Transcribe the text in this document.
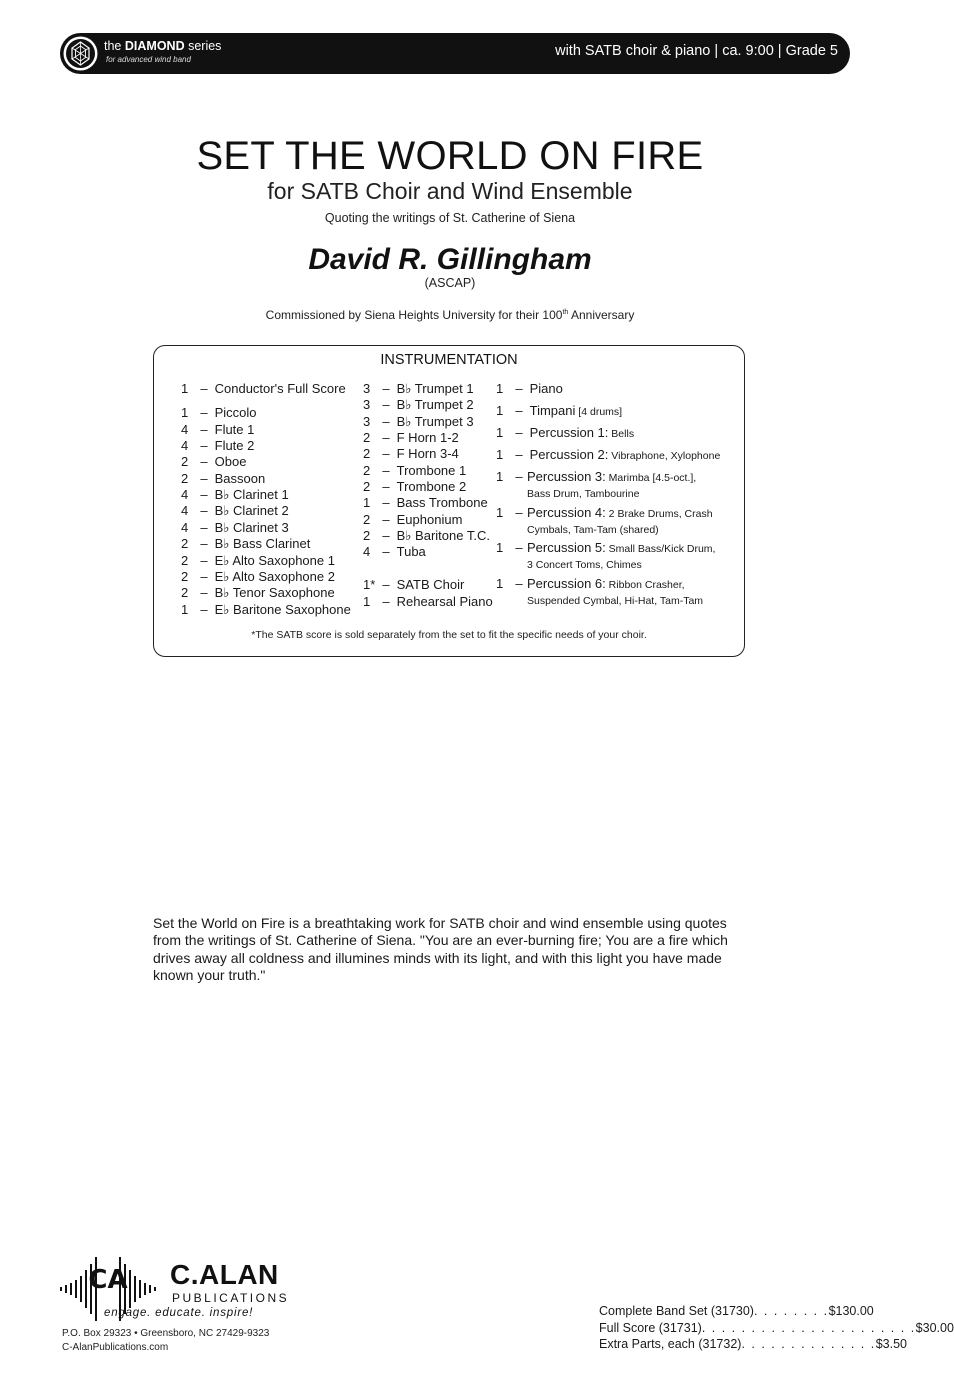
the DIAMOND series
for advanced wind band
with SATB choir & piano | ca. 9:00 | Grade 5
SET THE WORLD ON FIRE
for SATB Choir and Wind Ensemble
Quoting the writings of St. Catherine of Siena
David R. Gillingham
(ASCAP)
Commissioned by Siena Heights University for their 100th Anniversary
INSTRUMENTATION
1 – Conductor's Full Score
1 – Piccolo
4 – Flute 1
4 – Flute 2
2 – Oboe
2 – Bassoon
4 – B♭ Clarinet 1
4 – B♭ Clarinet 2
4 – B♭ Clarinet 3
2 – B♭ Bass Clarinet
2 – E♭ Alto Saxophone 1
2 – E♭ Alto Saxophone 2
2 – B♭ Tenor Saxophone
1 – E♭ Baritone Saxophone
3 – B♭ Trumpet 1
3 – B♭ Trumpet 2
3 – B♭ Trumpet 3
2 – F Horn 1-2
2 – F Horn 3-4
2 – Trombone 1
2 – Trombone 2
1 – Bass Trombone
2 – Euphonium
2 – B♭ Baritone T.C.
4 – Tuba
1* – SATB Choir
1 – Rehearsal Piano
1 – Piano
1 – Timpani [4 drums]
1 – Percussion 1: Bells
1 – Percussion 2: Vibraphone, Xylophone
1 – Percussion 3: Marimba [4.5-oct.],
Bass Drum, Tambourine
1 – Percussion 4: 2 Brake Drums, Crash
Cymbals, Tam-Tam (shared)
1 – Percussion 5: Small Bass/Kick Drum,
3 Concert Toms, Chimes
1 – Percussion 6: Ribbon Crasher,
Suspended Cymbal, Hi-Hat, Tam-Tam
*The SATB score is sold separately from the set to fit the specific needs of your choir.
Set the World on Fire is a breathtaking work for SATB choir and wind ensemble using quotes from the writings of St. Catherine of Siena. "You are an ever-burning fire; You are a fire which drives away all coldness and illumines minds with its light, and with this light you have made known your truth."
CA C.ALAN
PUBLICATIONS
engage. educate. inspire!
P.O. Box 29323 • Greensboro, NC 27429-9323
C-AlanPublications.com
Complete Band Set (31730) . . . . . . . . $130.00
Full Score (31731) . . . . . . . . . . . . . . . . . . . . . . $30.00
Extra Parts, each (31732) . . . . . . . . . . . . . . $3.50
